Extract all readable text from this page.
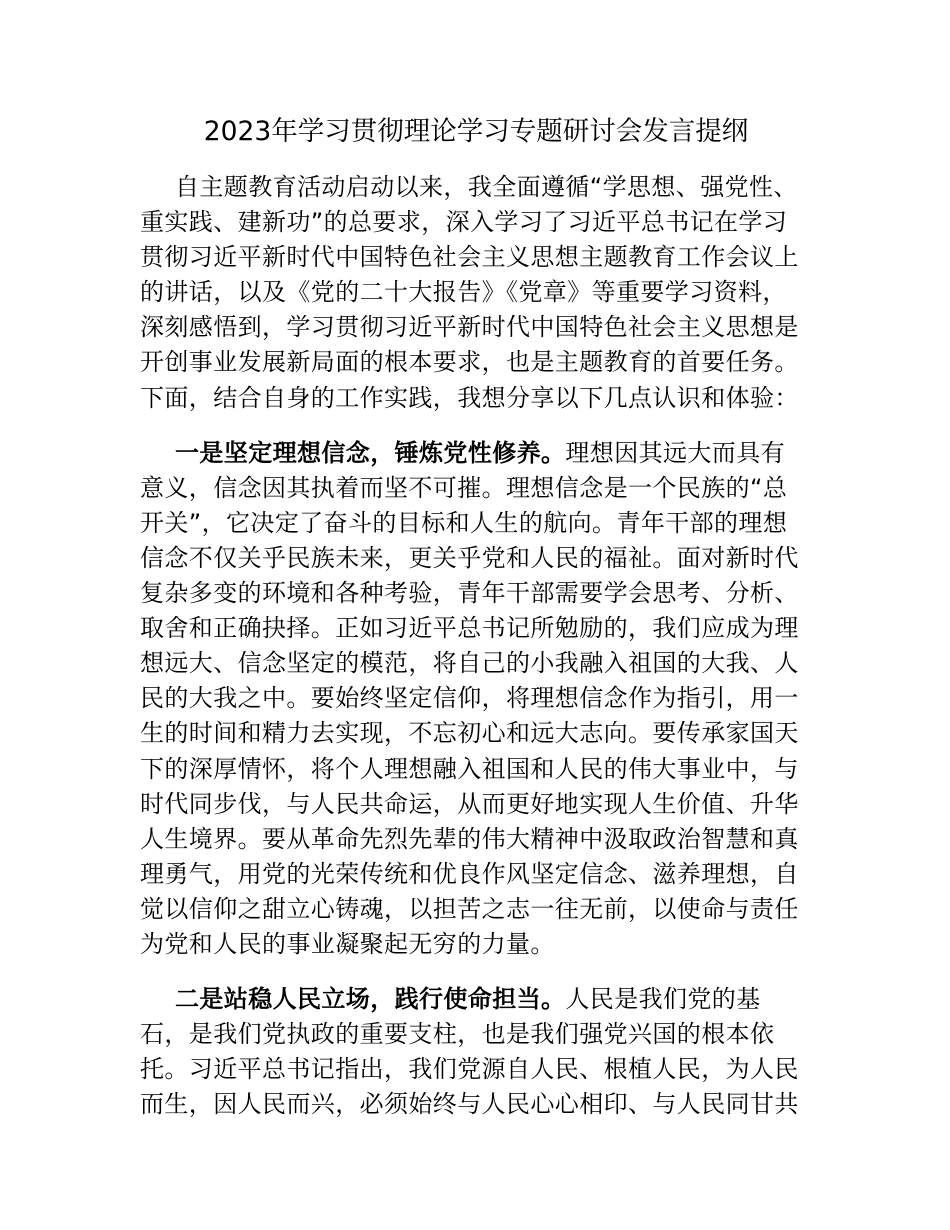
2023年学习贯彻理论学习专题研讨会发言提纲
自主题教育活动启动以来，我全面遵循“学思想、强党性、
重实践、建新功”的总要求，深入学习了习近平总书记在学习
贯彻习近平新时代中国特色社会主义思想主题教育工作会议上
的讲话，以及《党的二十大报告》《党章》等重要学习资料，
深刻感悟到，学习贯彻习近平新时代中国特色社会主义思想是
开创事业发展新局面的根本要求，也是主题教育的首要任务。
下面，结合自身的工作实践，我想分享以下几点认识和体验：
一是坚定理想信念，锤炼党性修养。理想因其远大而具有
意义，信念因其执着而坚不可摧。理想信念是一个民族的“总
开关”，它决定了奋斗的目标和人生的航向。青年干部的理想
信念不仅关乎民族未来，更关乎党和人民的福祉。面对新时代
复杂多变的环境和各种考验，青年干部需要学会思考、分析、
取舍和正确抉择。正如习近平总书记所勉励的，我们应成为理
想远大、信念坚定的模范，将自己的小我融入祖国的大我、人
民的大我之中。要始终坚定信仰，将理想信念作为指引，用一
生的时间和精力去实现，不忘初心和远大志向。要传承家国天
下的深厚情怀，将个人理想融入祖国和人民的伟大事业中，与
时代同步伐，与人民共命运，从而更好地实现人生价值、升华
人生境界。要从革命先烈先辈的伟大精神中汲取政治智慧和真
理勇气，用党的光荣传统和优良作风坚定信念、滋养理想，自
觉以信仰之甜立心铸魂，以担苦之志一往无前，以使命与责任
为党和人民的事业凝聚起无穷的力量。
二是站稳人民立场，践行使命担当。人民是我们党的基
石，是我们党执政的重要支柱，也是我们强党兴国的根本依
托。习近平总书记指出，我们党源自人民、根植人民，为人民
而生，因人民而兴，必须始终与人民心心相印、与人民同甘共
